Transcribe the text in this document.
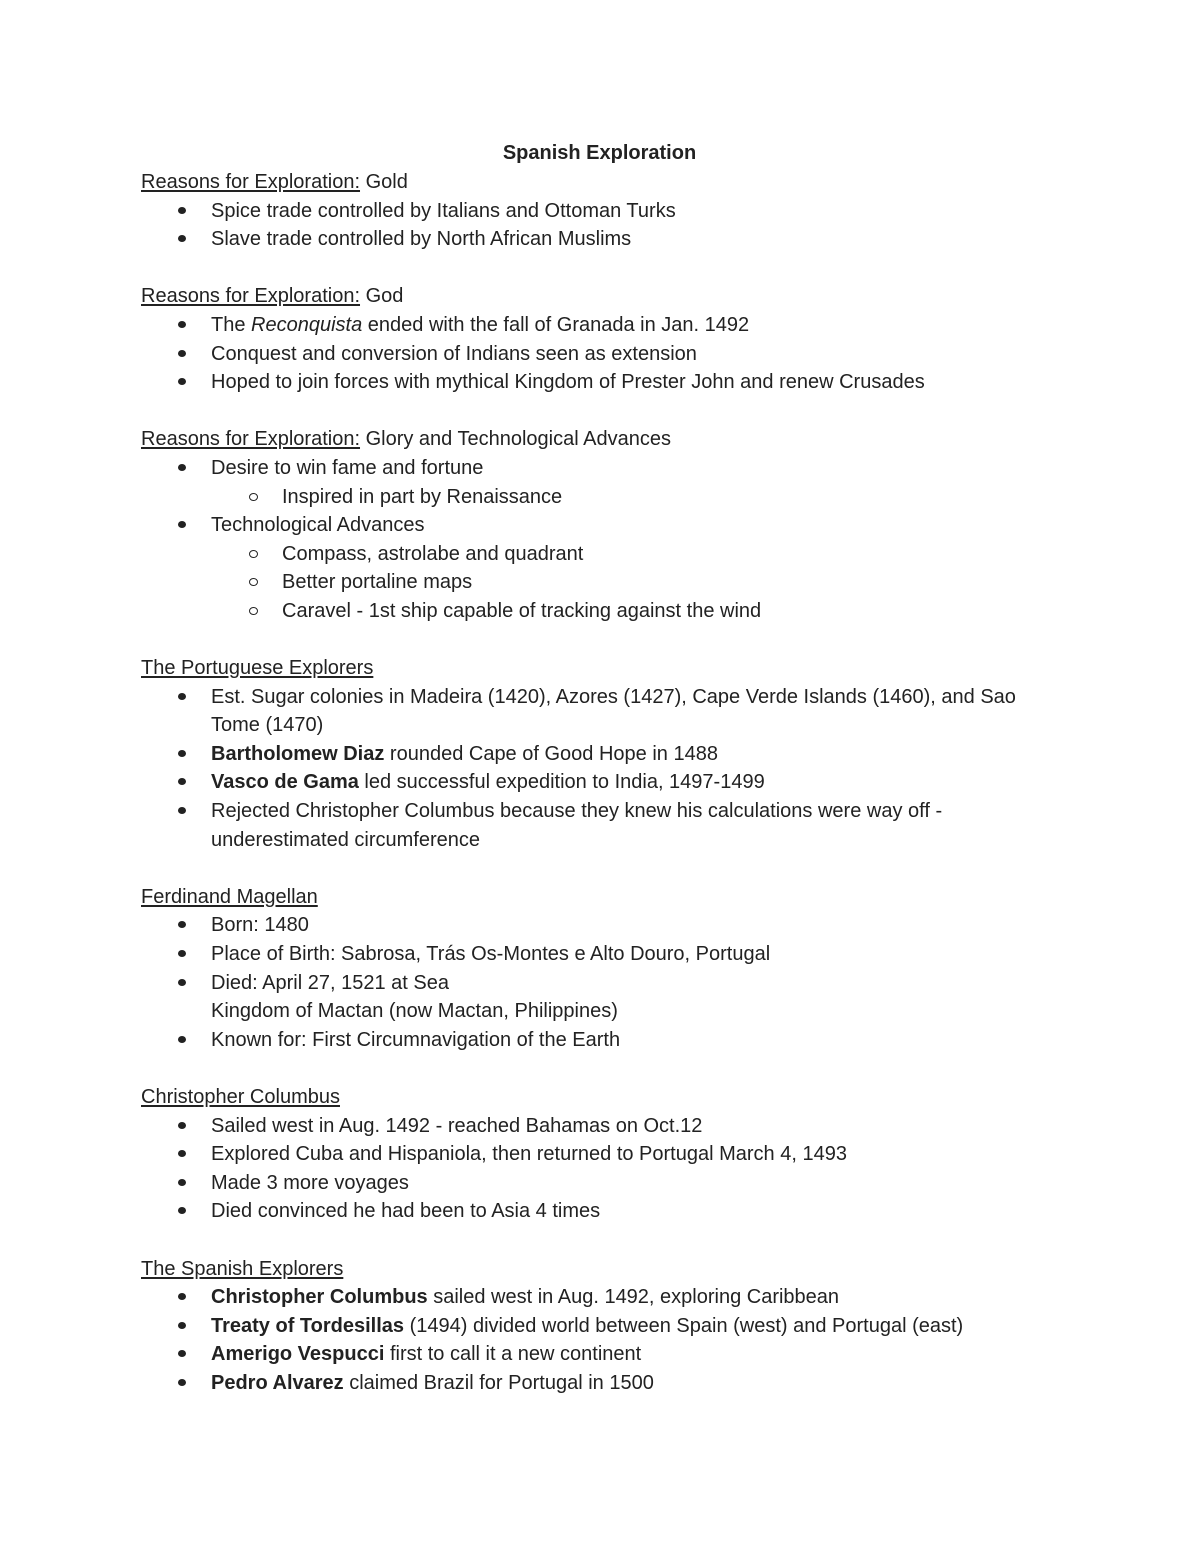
Spanish Exploration

Reasons for Exploration: Gold

Spice trade controlled by Italians and Ottoman Turks
Slave trade controlled by North African Muslims

Reasons for Exploration: God

The Reconquista ended with the fall of Granada in Jan. 1492
Conquest and conversion of Indians seen as extension
Hoped to join forces with mythical Kingdom of Prester John and renew Crusades

Reasons for Exploration: Glory and Technological Advances

Desire to win fame and fortune
Inspired in part by Renaissance
Technological Advances
Compass, astrolabe and quadrant
Better portaline maps
Caravel - 1st ship capable of tracking against the wind

The Portuguese Explorers

Est. Sugar colonies in Madeira (1420), Azores (1427), Cape Verde Islands (1460), and Sao Tome (1470)
Bartholomew Diaz rounded Cape of Good Hope in 1488
Vasco de Gama led successful expedition to India, 1497-1499
Rejected Christopher Columbus because they knew his calculations were way off - underestimated circumference

Ferdinand Magellan

Born: 1480
Place of Birth: Sabrosa, Trás Os-Montes e Alto Douro, Portugal
Died: April 27, 1521 at Sea
Kingdom of Mactan (now Mactan, Philippines)
Known for: First Circumnavigation of the Earth

Christopher Columbus

Sailed west in Aug. 1492 - reached Bahamas on Oct.12
Explored Cuba and Hispaniola, then returned to Portugal March 4, 1493
Made 3 more voyages
Died convinced he had been to Asia 4 times

The Spanish Explorers

Christopher Columbus sailed west in Aug. 1492, exploring Caribbean
Treaty of Tordesillas (1494) divided world between Spain (west) and Portugal (east)
Amerigo Vespucci first to call it a new continent
Pedro Alvarez claimed Brazil for Portugal in 1500
